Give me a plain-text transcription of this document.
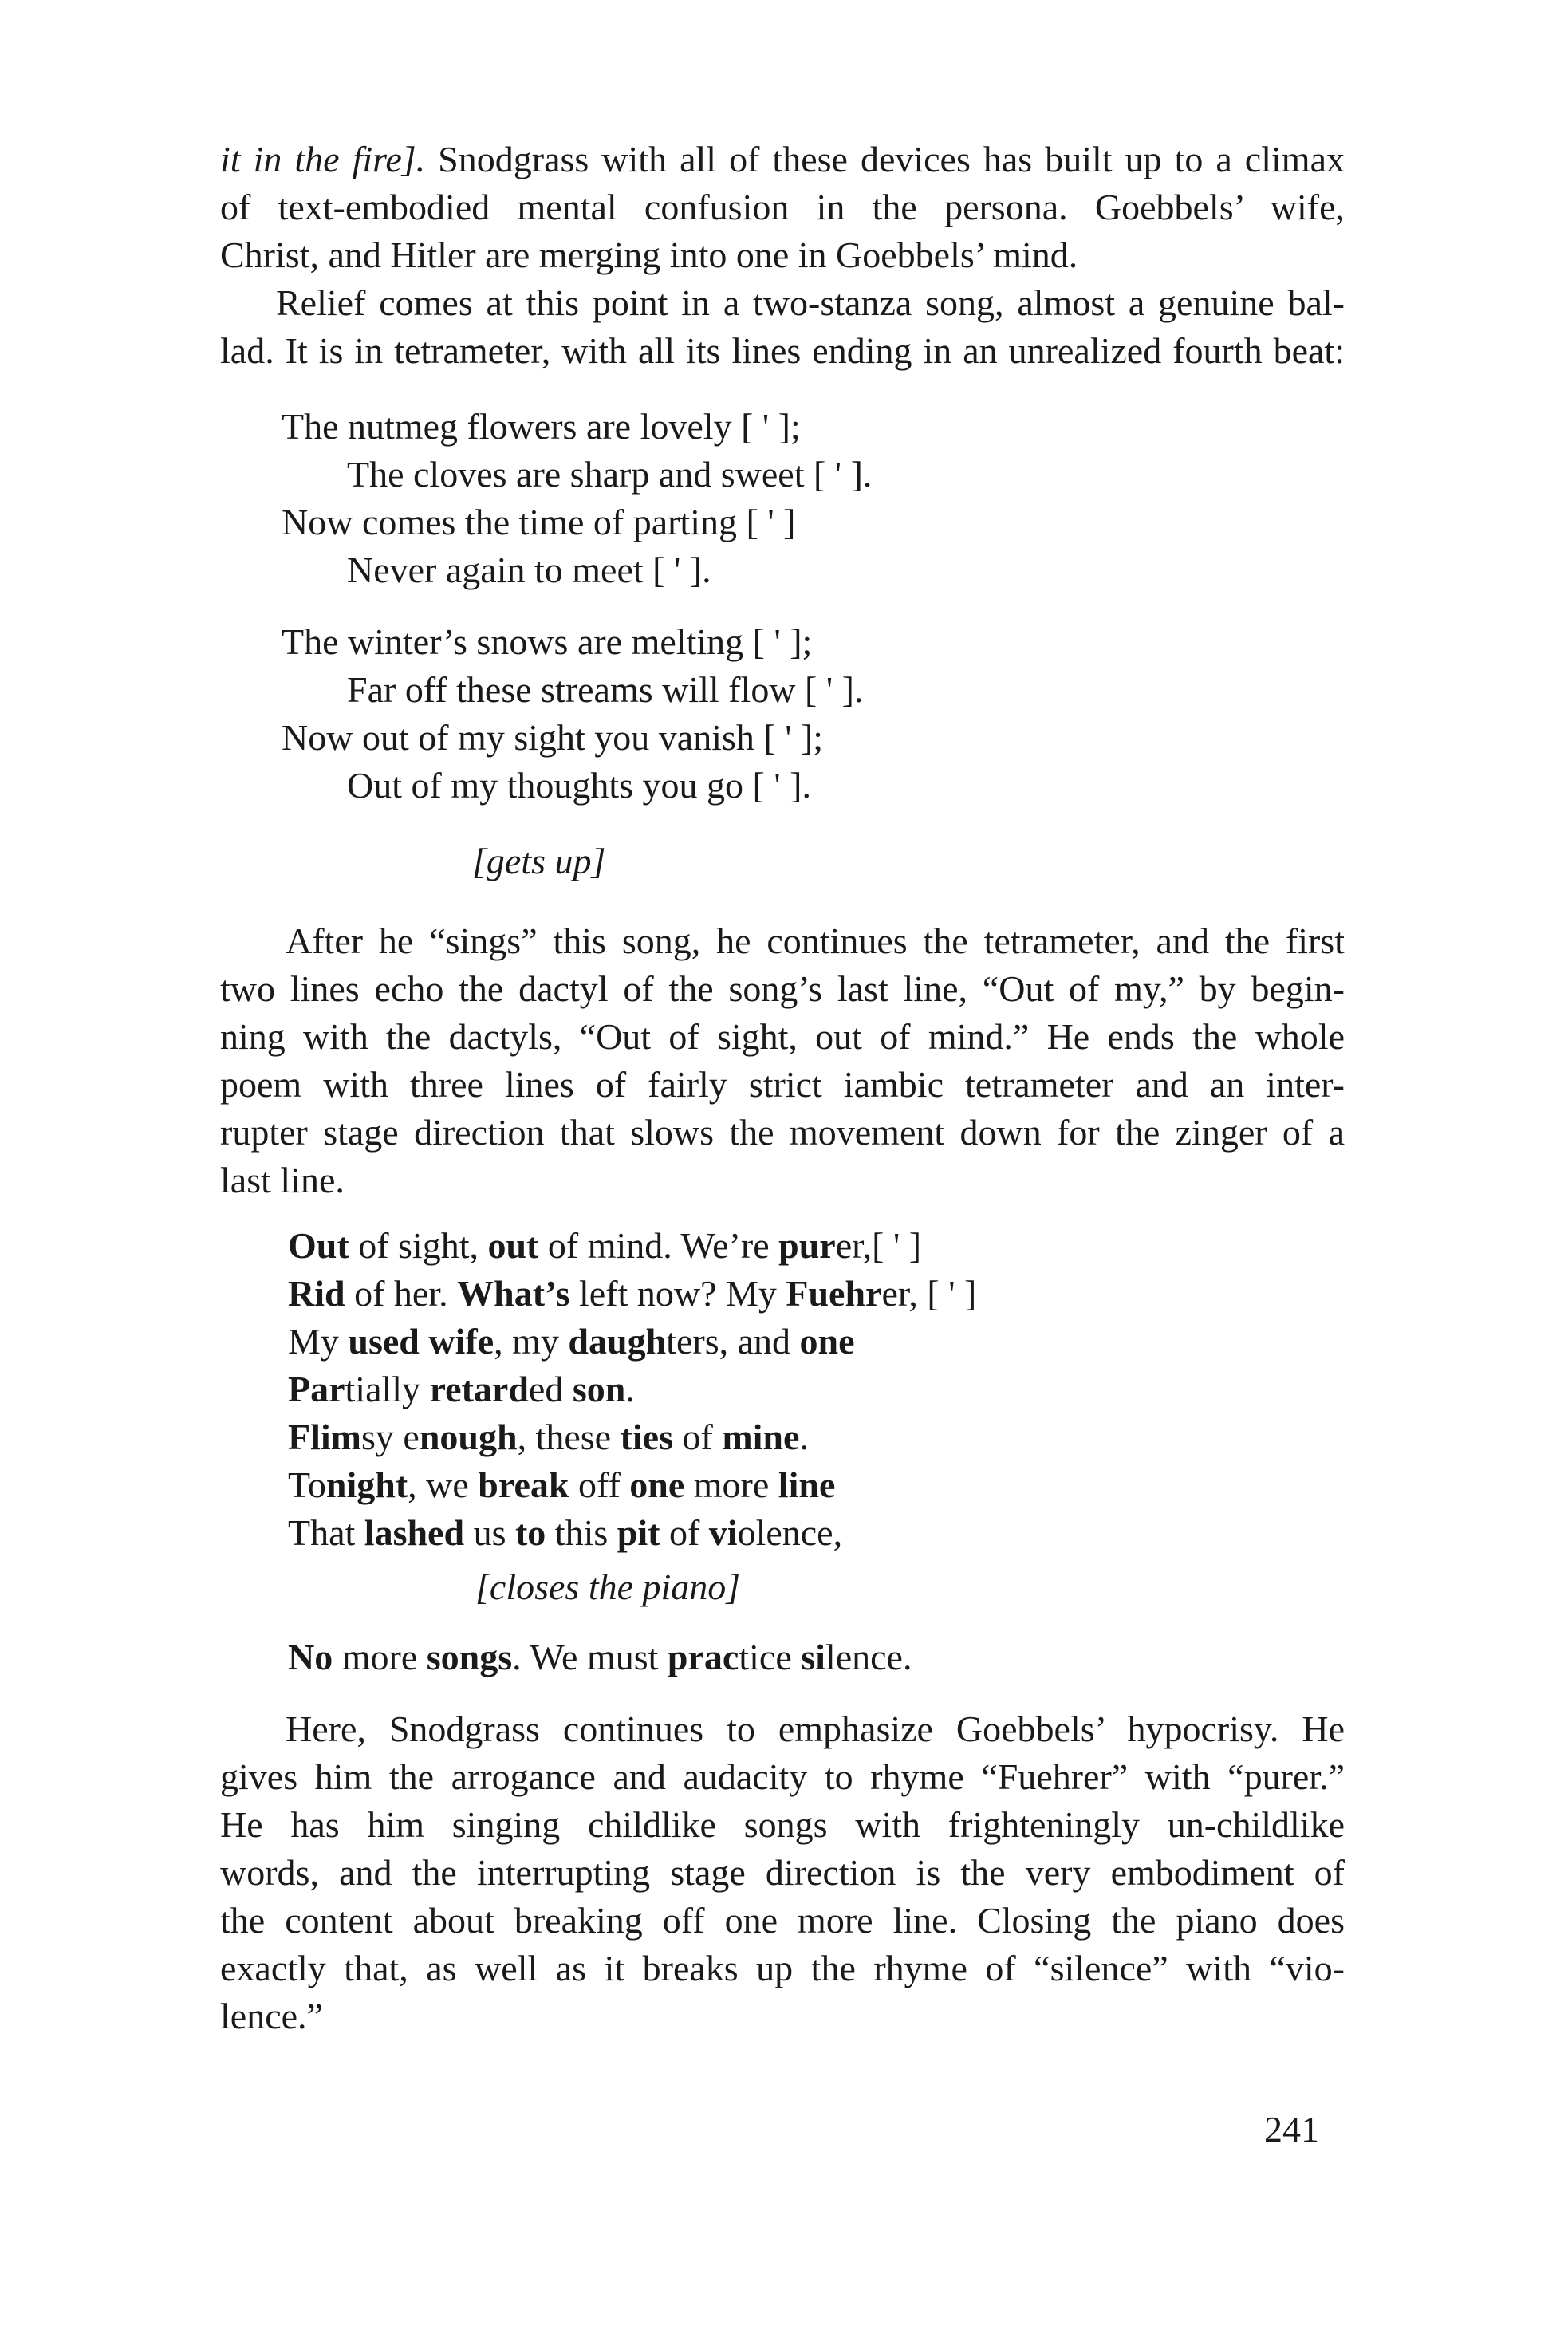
it in the fire]. Snodgrass with all of these devices has built up to a climax
of text-embodied mental confusion in the persona. Goebbels’ wife,
Christ, and Hitler are merging into one in Goebbels’ mind.

Relief comes at this point in a two-stanza song, almost a genuine bal-
lad. It is in tetrameter, with all its lines ending in an unrealized fourth beat:

The nutmeg flowers are lovely [ ' ];
The cloves are sharp and sweet [ ' ].
Now comes the time of parting [ ' ]
Never again to meet [ ' ].
The winter’s snows are melting [ ' ];
Far off these streams will flow [ ' ].
Now out of my sight you vanish [ ' ];
Out of my thoughts you go [ ' ].
[gets up]

After he “sings” this song, he continues the tetrameter, and the first
two lines echo the dactyl of the song’s last line, “Out of my,” by begin-
ning with the dactyls, “Out of sight, out of mind.” He ends the whole
poem with three lines of fairly strict iambic tetrameter and an inter-
rupter stage direction that slows the movement down for the zinger of a
last line.

Out of sight, out of mind. We’re purer,[ ' ]
Rid of her. What’s left now? My Fuehrer, [ ' ]
My used wife, my daughters, and one
Partially retarded son.
Flimsy enough, these ties of mine.
Tonight, we break off one more line
That lashed us to this pit of violence,
[closes the piano]
No more songs. We must practice silence.

Here, Snodgrass continues to emphasize Goebbels’ hypocrisy. He
gives him the arrogance and audacity to rhyme “Fuehrer” with “purer.”
He has him singing childlike songs with frighteningly un-childlike
words, and the interrupting stage direction is the very embodiment of
the content about breaking off one more line. Closing the piano does
exactly that, as well as it breaks up the rhyme of “silence” with “vio-
lence.”

241
